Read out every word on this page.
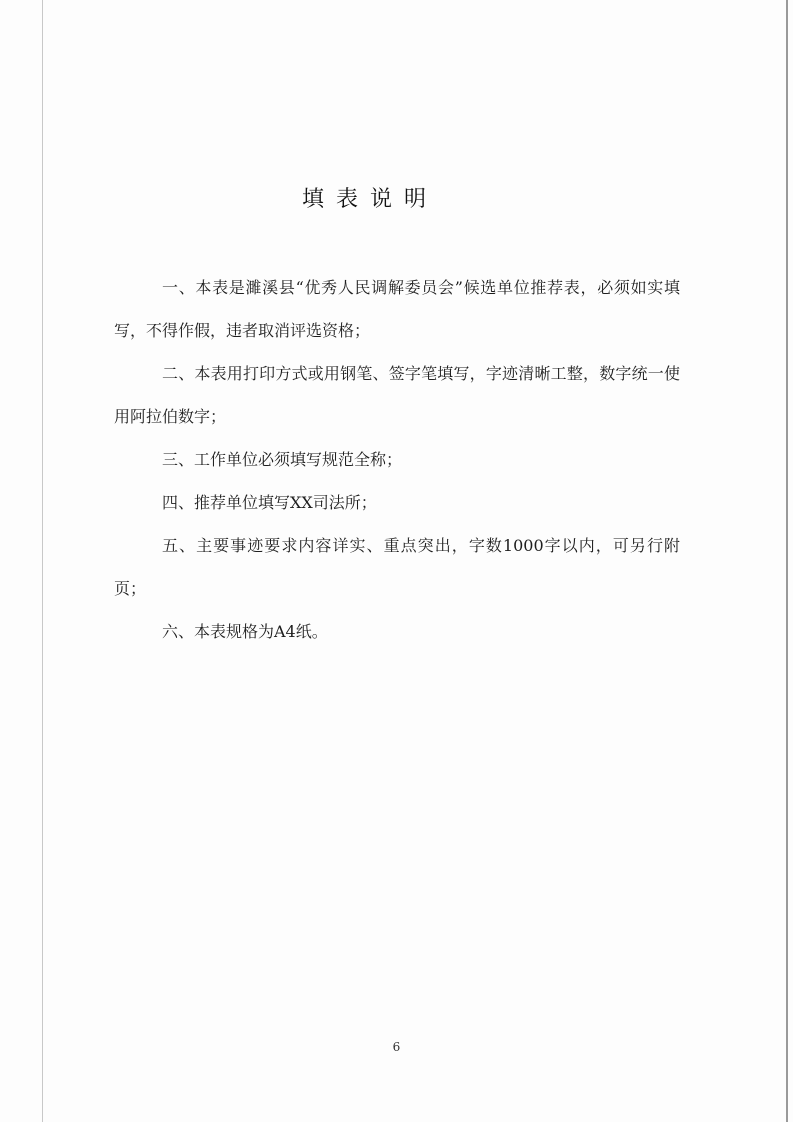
填表说明

一、本表是濉溪县“优秀人民调解委员会”候选单位推荐表，必须如实填写，不得作假，违者取消评选资格；

二、本表用打印方式或用钢笔、签字笔填写，字迹清晰工整，数字统一使用阿拉伯数字；

三、工作单位必须填写规范全称；

四、推荐单位填写XX司法所；

五、主要事迹要求内容详实、重点突出，字数1000字以内，可另行附页；

六、本表规格为A4纸。

6
